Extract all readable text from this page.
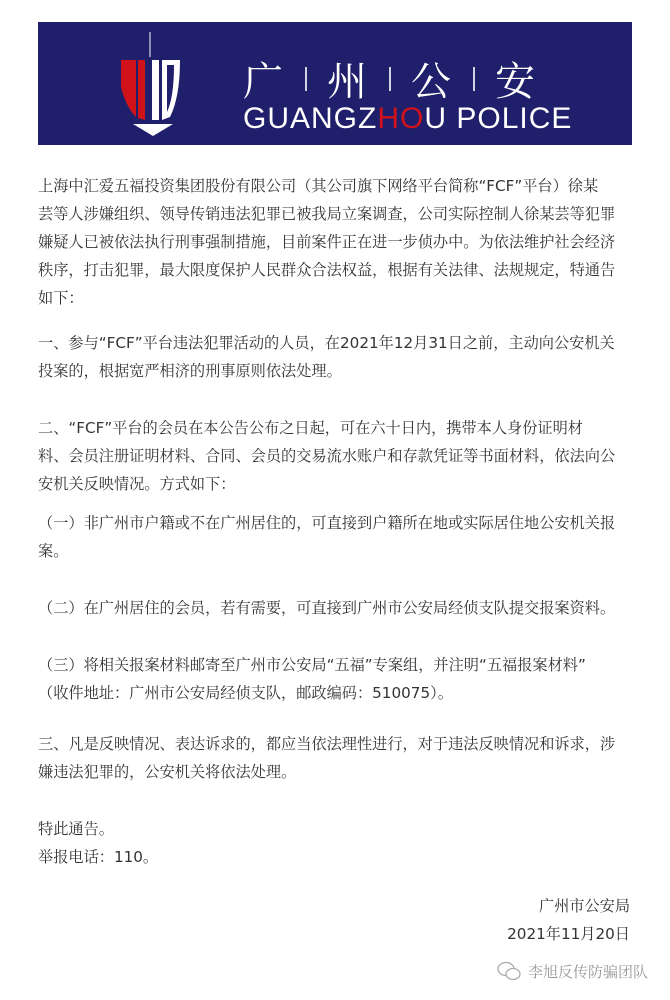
广 州 公 安
GUANGZHOU POLICE
上海中汇爱五福投资集团股份有限公司（其公司旗下网络平台简称“FCF”平台）徐某
芸等人涉嫌组织、领导传销违法犯罪已被我局立案调查，公司实际控制人徐某芸等犯罪
嫌疑人已被依法执行刑事强制措施，目前案件正在进一步侦办中。为依法维护社会经济
秩序，打击犯罪，最大限度保护人民群众合法权益，根据有关法律、法规规定，特通告
如下：
一、参与“FCF”平台违法犯罪活动的人员，在2021年12月31日之前，主动向公安机关
投案的，根据宽严相济的刑事原则依法处理。
二、“FCF”平台的会员在本公告公布之日起，可在六十日内，携带本人身份证明材
料、会员注册证明材料、合同、会员的交易流水账户和存款凭证等书面材料，依法向公
安机关反映情况。方式如下：
（一）非广州市户籍或不在广州居住的，可直接到户籍所在地或实际居住地公安机关报
案。
（二）在广州居住的会员，若有需要，可直接到广州市公安局经侦支队提交报案资料。
（三）将相关报案材料邮寄至广州市公安局“五福”专案组，并注明“五福报案材料”
（收件地址：广州市公安局经侦支队，邮政编码：510075）。
三、凡是反映情况、表达诉求的，都应当依法理性进行，对于违法反映情况和诉求，涉
嫌违法犯罪的，公安机关将依法处理。
特此通告。
举报电话：110。
广州市公安局
2021年11月20日
李旭反传防骗团队
